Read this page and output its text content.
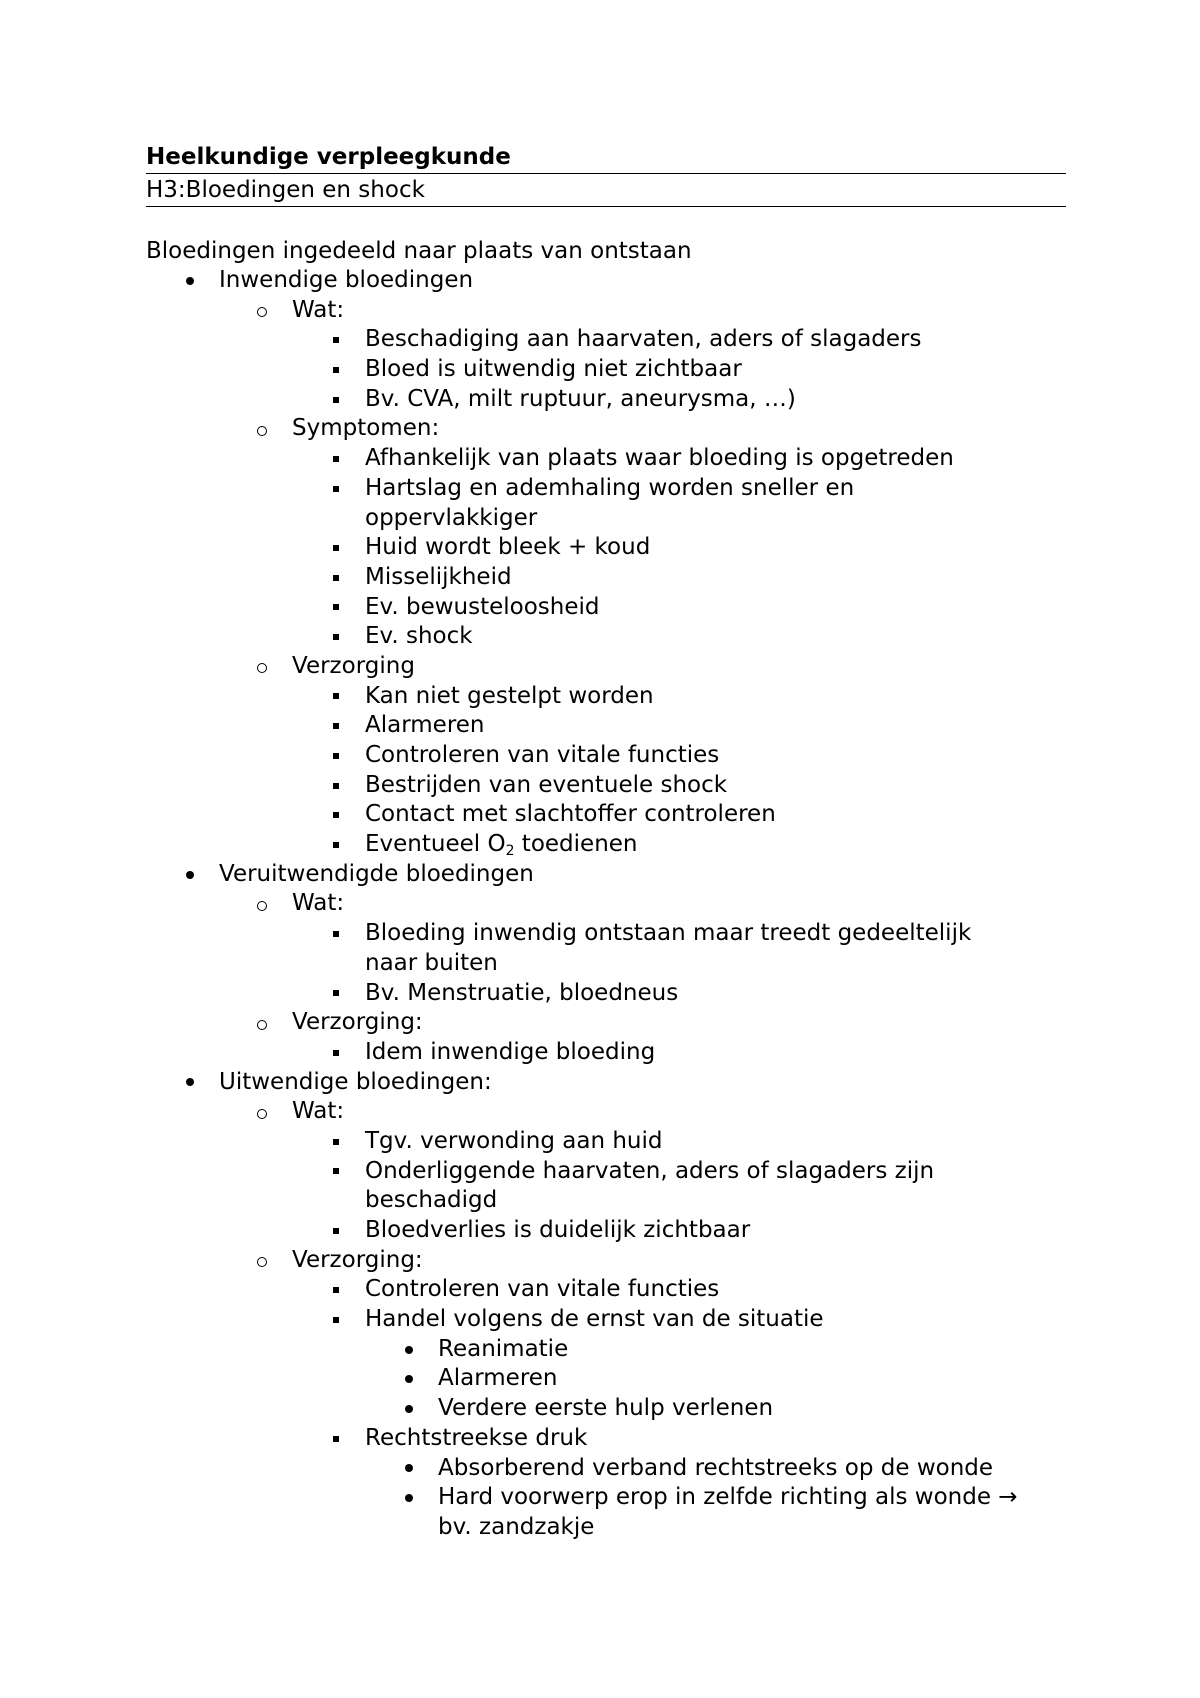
Heelkundige verpleegkunde
H3:Bloedingen en shock
Bloedingen ingedeeld naar plaats van ontstaan
Inwendige bloedingen
Wat:
Beschadiging aan haarvaten, aders of slagaders
Bloed is uitwendig niet zichtbaar
Bv. CVA, milt ruptuur, aneurysma, …)
Symptomen:
Afhankelijk van plaats waar bloeding is opgetreden
Hartslag en ademhaling worden sneller en
oppervlakkiger
Huid wordt bleek + koud
Misselijkheid
Ev. bewusteloosheid
Ev. shock
Verzorging
Kan niet gestelpt worden
Alarmeren
Controleren van vitale functies
Bestrijden van eventuele shock
Contact met slachtoffer controleren
Eventueel $O_2$ toedienen
Veruitwendigde bloedingen
Wat:
Bloeding inwendig ontstaan maar treedt gedeeltelijk
naar buiten
Bv. Menstruatie, bloedneus
Verzorging:
Idem inwendige bloeding
Uitwendige bloedingen:
Wat:
Tgv. verwonding aan huid
Onderliggende haarvaten, aders of slagaders zijn
beschadigd
Bloedverlies is duidelijk zichtbaar
Verzorging:
Controleren van vitale functies
Handel volgens de ernst van de situatie
Reanimatie
Alarmeren
Verdere eerste hulp verlenen
Rechtstreekse druk
Absorberend verband rechtstreeks op de wonde
Hard voorwerp erop in zelfde richting als wonde →
bv. zandzakje
